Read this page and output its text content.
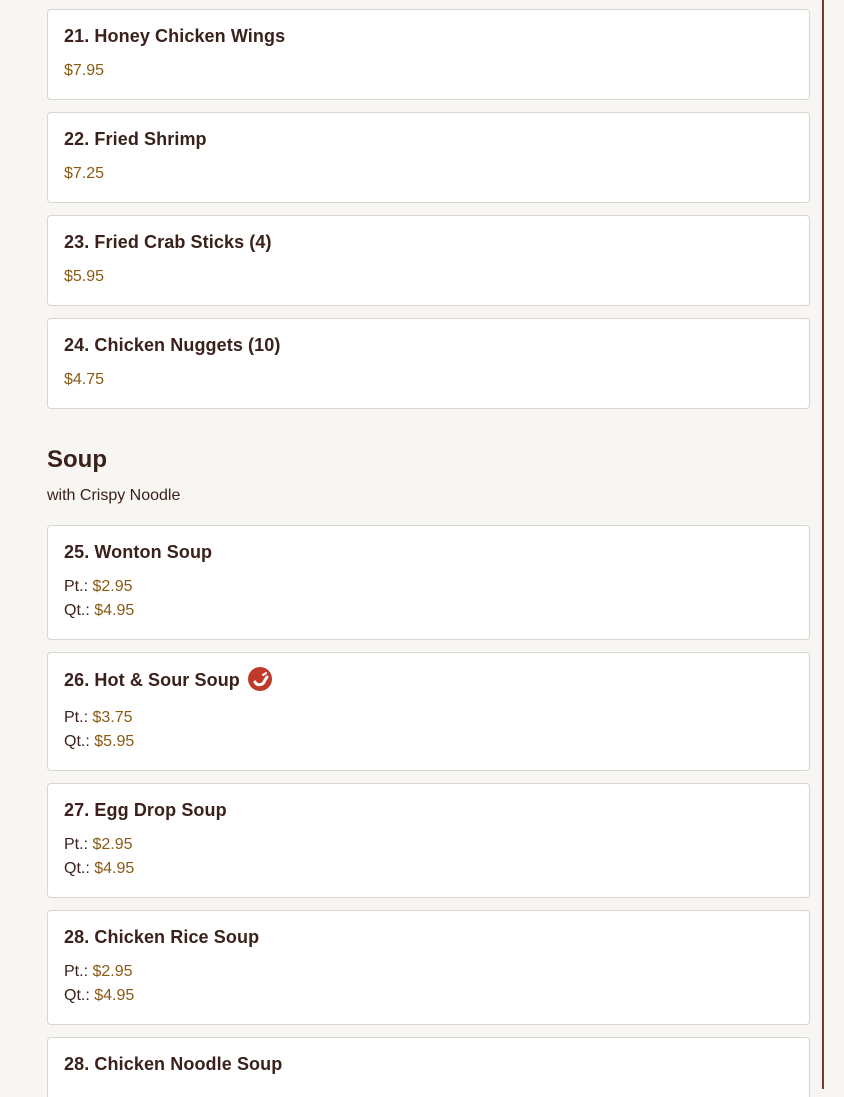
21. Honey Chicken Wings
$7.95
22. Fried Shrimp
$7.25
23. Fried Crab Sticks (4)
$5.95
24. Chicken Nuggets (10)
$4.75
Soup
with Crispy Noodle
25. Wonton Soup
Pt.: $2.95
Qt.: $4.95
26. Hot & Sour Soup
Pt.: $3.75
Qt.: $5.95
27. Egg Drop Soup
Pt.: $2.95
Qt.: $4.95
28. Chicken Rice Soup
Pt.: $2.95
Qt.: $4.95
28. Chicken Noodle Soup
